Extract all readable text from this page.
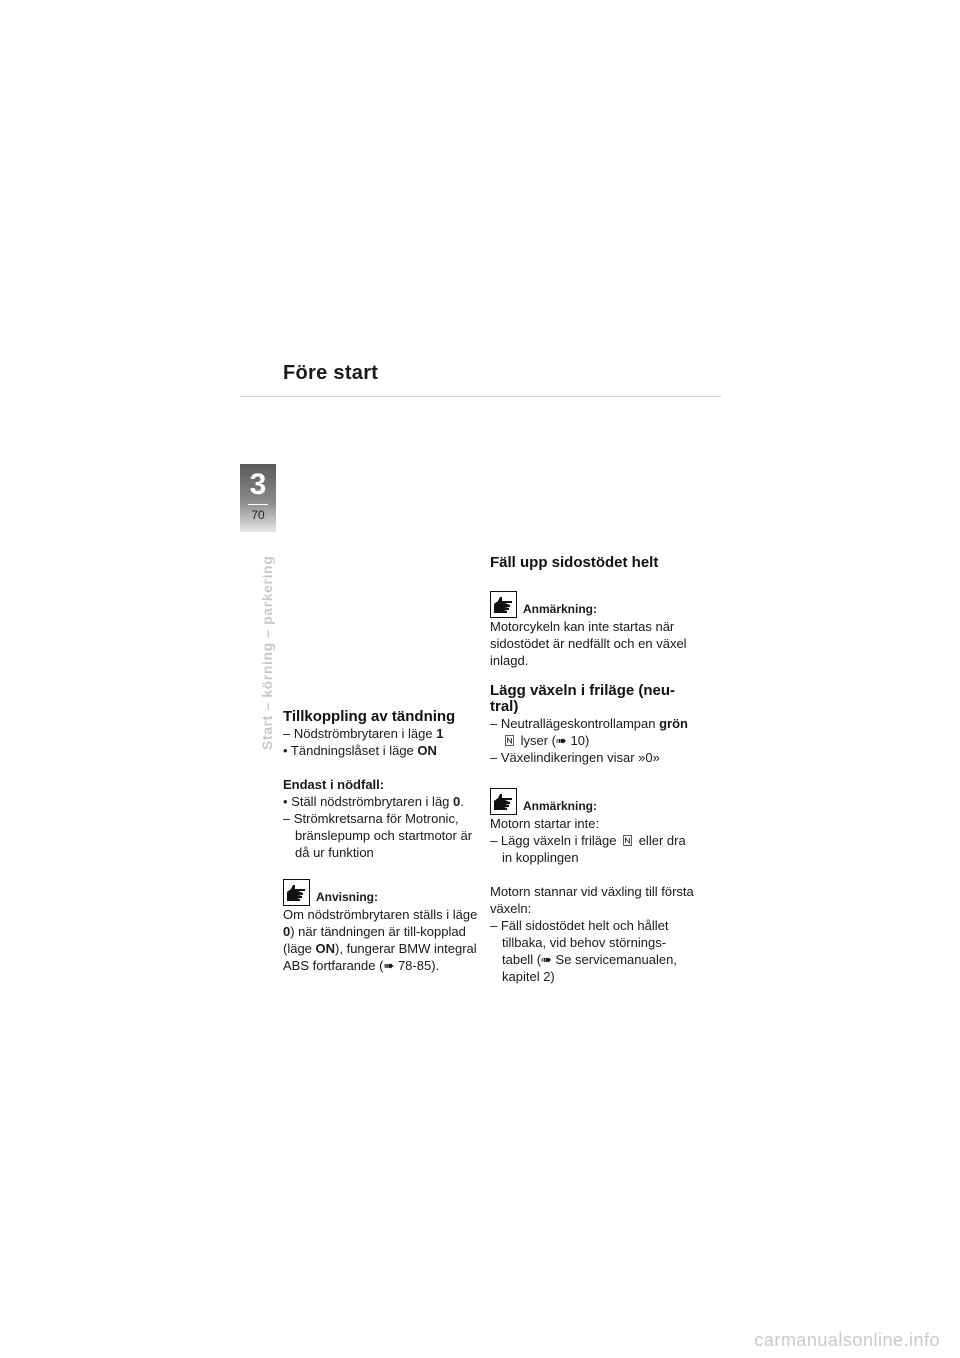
Före start
3
70
Start – körning – parkering Tillkoppling av tändning

– Nödströmbrytaren i läge 1

• Tändningslåset i läge ON

Endast i nödfall:

• Ställ nödströmbrytaren i läg 0.

– Strömkretsarna för Motronic, bränslepump och startmotor är då ur funktion

Anvisning:

Om nödströmbrytaren ställs i läge 0) när tändningen är till-kopplad (läge ON), fungerar BMW integral ABS fortfarande (➠ 78-85).

Fäll upp sidostödet helt
Anmärkning:

Motorcykeln kan inte startas när sidostödet är nedfällt och en växel inlagd.

Lägg växeln i friläge (neu-tral)

– Neutrallägeskontrollampan grön lyser (➠ 10)

– Växelindikeringen visar »0»

Anmärkning:

Motorn startar inte:

– Lägg växeln i friläge  eller dra in kopplingen

Motorn stannar vid växling till första växeln:

– Fäll sidostödet helt och hållet tillbaka, vid behov störnings-tabell (➠ Se servicemanualen, kapitel 2)

carmanualsonline.info
